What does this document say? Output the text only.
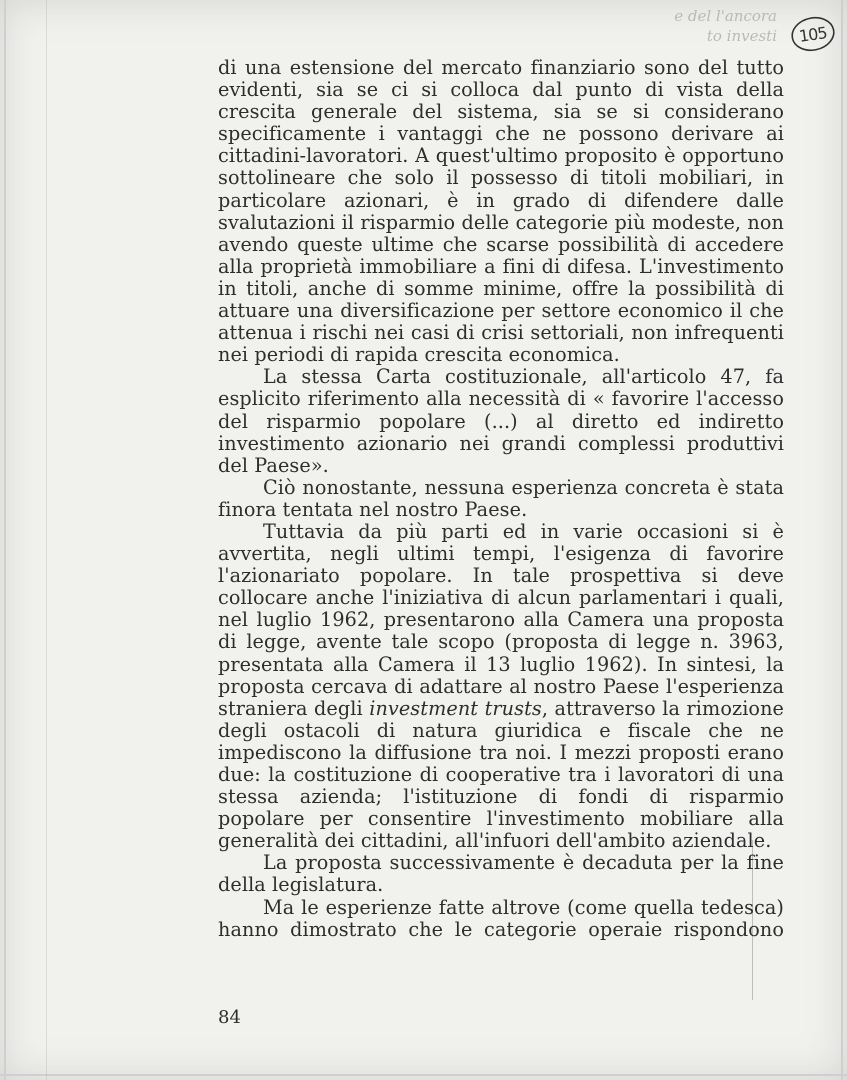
e del l'ancora
to investi 105

di una estensione del mercato finanziario sono del tutto evidenti, sia se ci si colloca dal punto di vista della crescita generale del sistema, sia se si considerano specificamente i vantaggi che ne possono derivare ai cittadini-lavoratori. A quest'ultimo proposito è opportuno sottolineare che solo il possesso di titoli mobiliari, in particolare azionari, è in grado di difendere dalle svalutazioni il risparmio delle categorie più modeste, non avendo queste ultime che scarse possibilità di accedere alla proprietà immobiliare a fini di difesa. L'investimento in titoli, anche di somme minime, offre la possibilità di attuare una diversificazione per settore economico il che attenua i rischi nei casi di crisi settoriali, non infrequenti nei periodi di rapida crescita economica.

La stessa Carta costituzionale, all'articolo 47, fa esplicito riferimento alla necessità di « favorire l'accesso del risparmio popolare (...) al diretto ed indiretto investimento azionario nei grandi complessi produttivi del Paese».

Ciò nonostante, nessuna esperienza concreta è stata finora tentata nel nostro Paese.

Tuttavia da più parti ed in varie occasioni si è avvertita, negli ultimi tempi, l'esigenza di favorire l'azionariato popolare. In tale prospettiva si deve collocare anche l'iniziativa di alcun parlamentari i quali, nel luglio 1962, presentarono alla Camera una proposta di legge, avente tale scopo (proposta di legge n. 3963, presentata alla Camera il 13 luglio 1962). In sintesi, la proposta cercava di adattare al nostro Paese l'esperienza straniera degli investment trusts, attraverso la rimozione degli ostacoli di natura giuridica e fiscale che ne impediscono la diffusione tra noi. I mezzi proposti erano due: la costituzione di cooperative tra i lavoratori di una stessa azienda; l'istituzione di fondi di risparmio popolare per consentire l'investimento mobiliare alla generalità dei cittadini, all'infuori dell'ambito aziendale.

La proposta successivamente è decaduta per la fine della legislatura.

Ma le esperienze fatte altrove (come quella tedesca) hanno dimostrato che le categorie operaie rispondono

84
